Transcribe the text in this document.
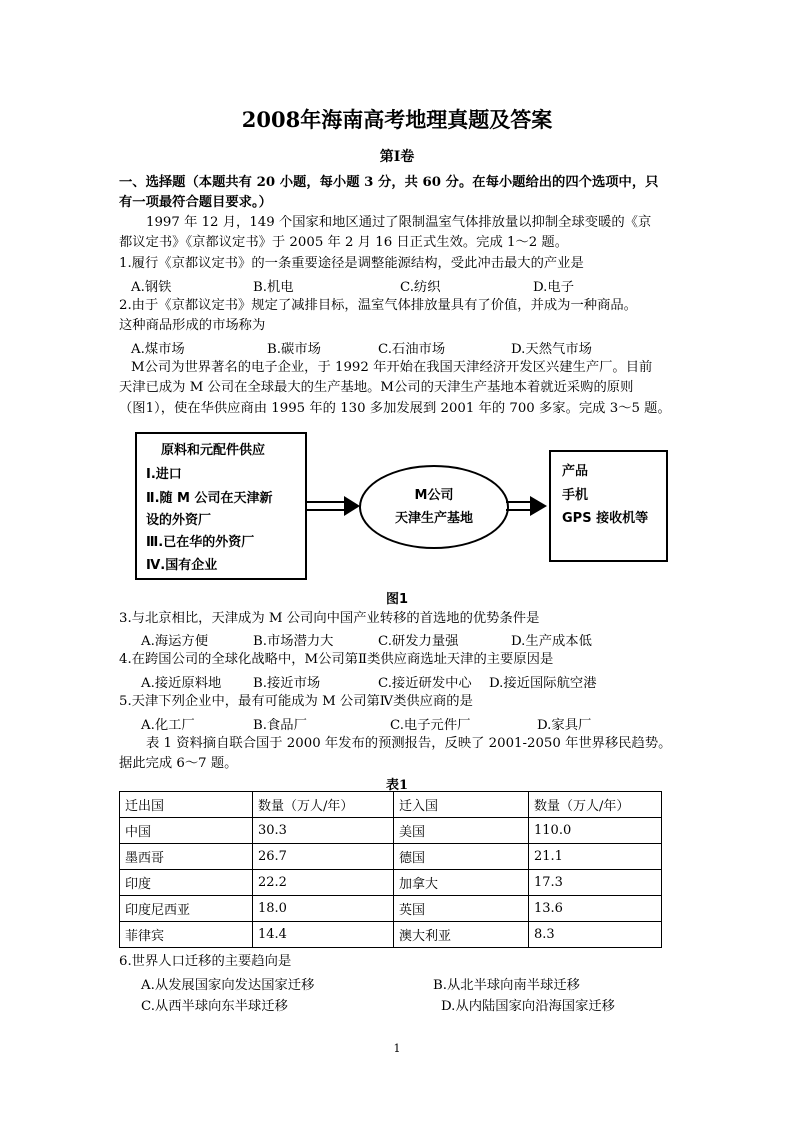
2008年海南高考地理真题及答案
第Ⅰ卷
一、选择题（本题共有 20 小题，每小题 3 分，共 60 分。在每小题给出的四个选项中，只
有一项最符合题目要求。）
1997 年 12 月，149 个国家和地区通过了限制温室气体排放量以抑制全球变暖的《京
都议定书》《京都议定书》于 2005 年 2 月 16 日正式生效。完成 1～2 题。
1.履行《京都议定书》的一条重要途径是调整能源结构，受此冲击最大的产业是
A.钢铁	B.机电	C.纺织	D.电子
2.由于《京都议定书》规定了减排目标，温室气体排放量具有了价值，并成为一种商品。
这种商品形成的市场称为
A.煤市场	B.碳市场	C.石油市场	D.天然气市场
M公司为世界著名的电子企业，于 1992 年开始在我国天津经济开发区兴建生产厂。目前
天津已成为 M 公司在全球最大的生产基地。M公司的天津生产基地本着就近采购的原则
（图1），使在华供应商由 1995 年的 130 多加发展到 2001 年的 700 多家。完成 3～5 题。
原料和元配件供应
Ⅰ.进口
Ⅱ.随 M 公司在天津新
设的外资厂
Ⅲ.已在华的外资厂
Ⅳ.国有企业
M公司
天津生产基地
产品
手机
GPS 接收机等
图1
3.与北京相比，天津成为 M 公司向中国产业转移的首选地的优势条件是
A.海运方便	B.市场潜力大	C.研发力量强	D.生产成本低
4.在跨国公司的全球化战略中，M公司第Ⅱ类供应商选址天津的主要原因是
A.接近原料地 B.接近市场	C.接近研发中心 D.接近国际航空港
5.天津下列企业中，最有可能成为 M 公司第Ⅳ类供应商的是
A.化工厂	B.食品厂	C.电子元件厂	D.家具厂
表 1 资料摘自联合国于 2000 年发布的预测报告，反映了 2001-2050 年世界移民趋势。
据此完成 6～7 题。
表1
迁出国	数量（万人/年）	迁入国	数量（万人/年）
中国	30.3	美国	110.0
墨西哥	26.7	德国	21.1
印度	22.2	加拿大	17.3
印度尼西亚	18.0	英国	13.6
菲律宾	14.4	澳大利亚	8.3
6.世界人口迁移的主要趋向是
A.从发展国家向发达国家迁移	B.从北半球向南半球迁移
C.从西半球向东半球迁移	D.从内陆国家向沿海国家迁移
1
